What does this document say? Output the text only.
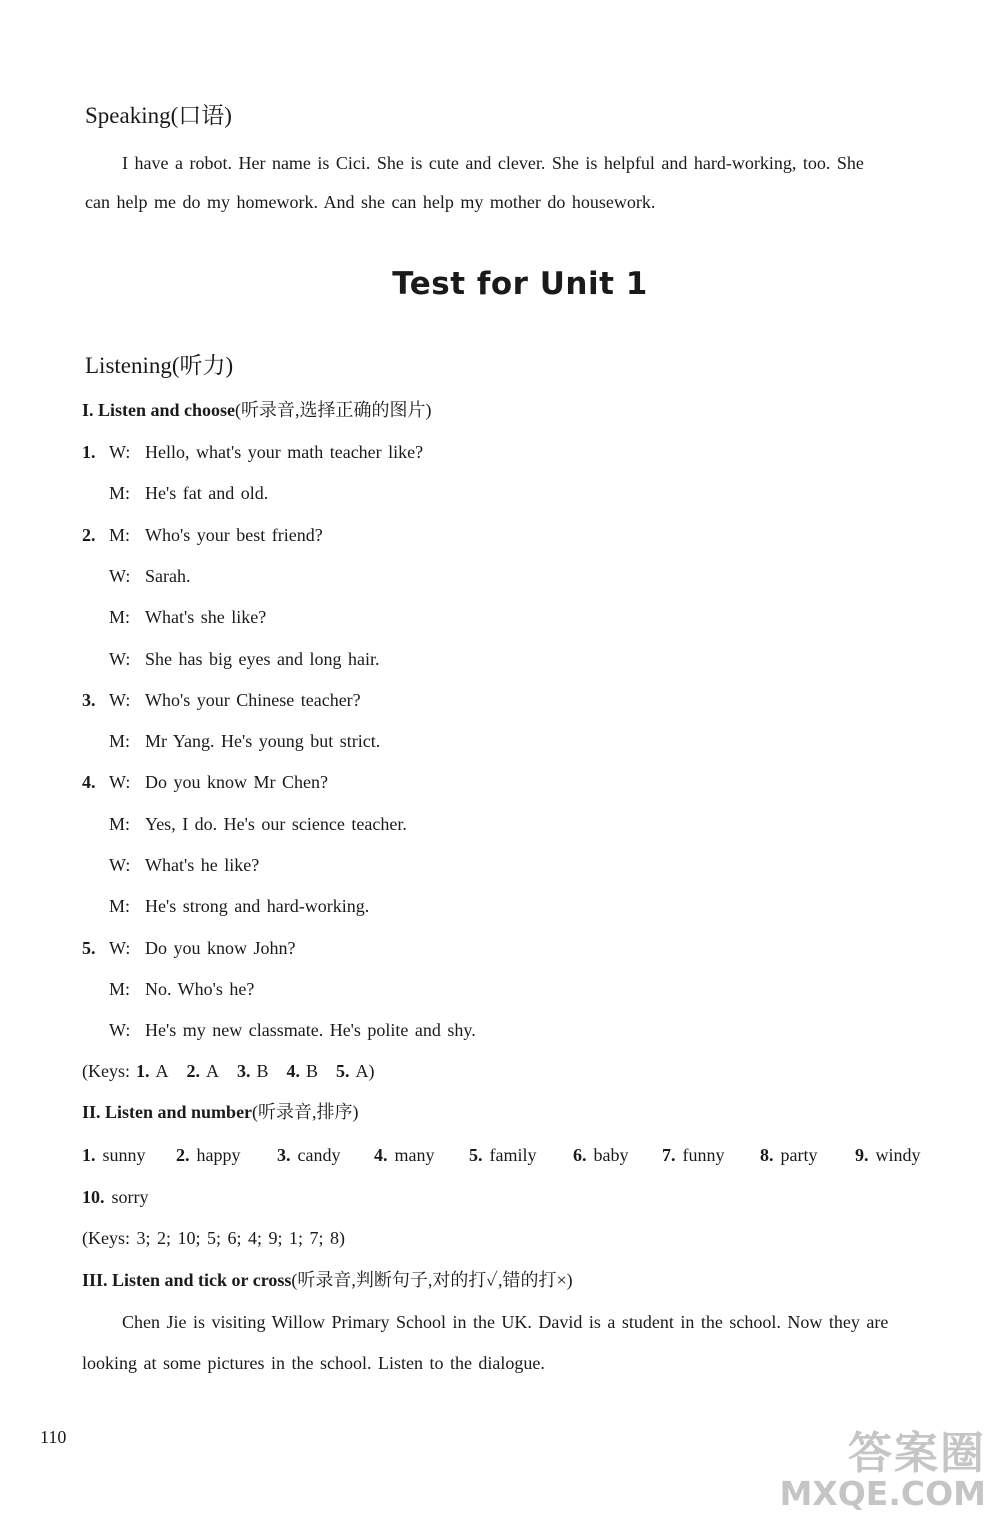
Speaking(口语)
I have a robot. Her name is Cici. She is cute and clever. She is helpful and hard-working, too. She
can help me do my homework. And she can help my mother do housework.
Test for Unit 1
Listening(听力)
I. Listen and choose(听录音,选择正确的图片)
1. W: Hello, what's your math teacher like?
M: He's fat and old.
2. M: Who's your best friend?
W: Sarah.
M: What's she like?
W: She has big eyes and long hair.
3. W: Who's your Chinese teacher?
M: Mr Yang. He's young but strict.
4. W: Do you know Mr Chen?
M: Yes, I do. He's our science teacher.
W: What's he like?
M: He's strong and hard-working.
5. W: Do you know John?
M: No. Who's he?
W: He's my new classmate. He's polite and shy.
(Keys: 1. A 2. A 3. B 4. B 5. A)
II. Listen and number(听录音,排序)
1. sunny 2. happy 3. candy 4. many 5. family 6. baby 7. funny 8. party 9. windy
10. sorry
(Keys: 3; 2; 10; 5; 6; 4; 9; 1; 7; 8)
III. Listen and tick or cross(听录音,判断句子,对的打✓,错的打×)
Chen Jie is visiting Willow Primary School in the UK. David is a student in the school. Now they are
looking at some pictures in the school. Listen to the dialogue.
110	答案圈
MXQE.COM
